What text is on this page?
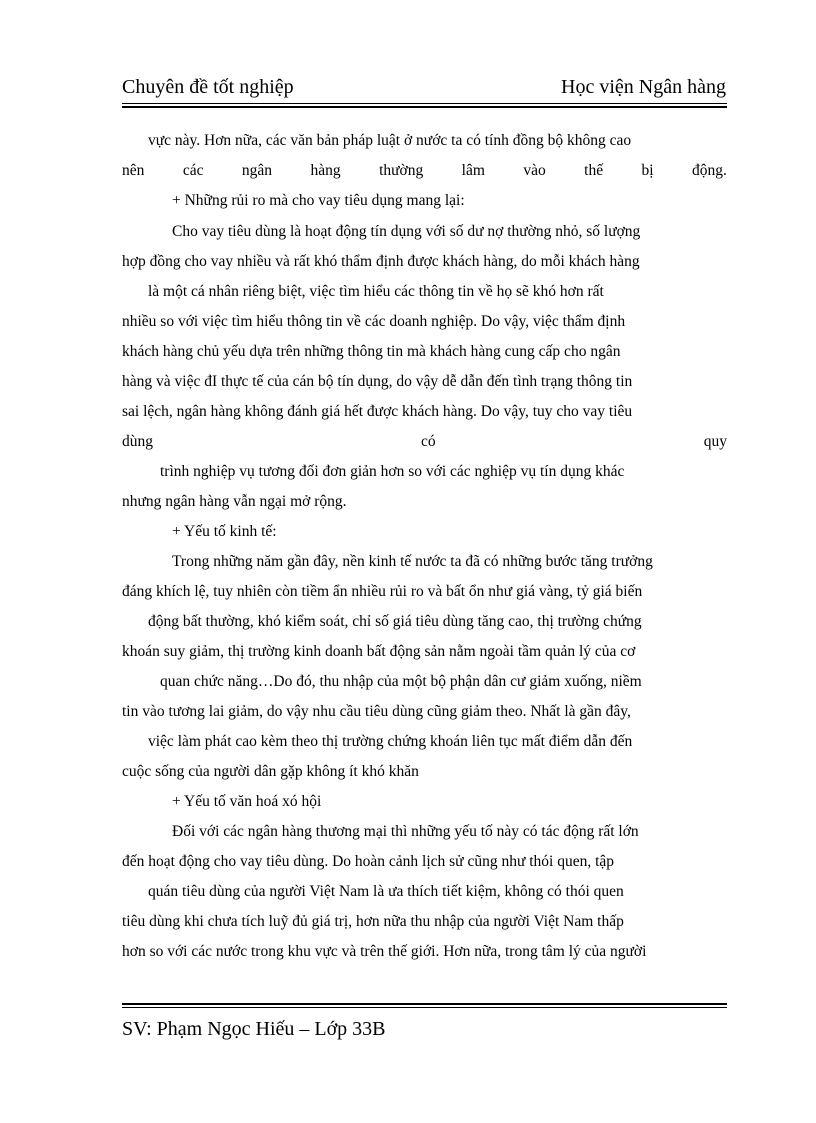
Chuyên đề tốt nghiệp	Học viện Ngân hàng
vực này. Hơn nữa, các văn bản pháp luật ở nước ta có tính đồng bộ không cao
nên các ngân hàng thường lâm vào thế bị động.
+ Những rủi ro mà cho vay tiêu dụng mang lại:
Cho vay tiêu dùng là hoạt động tín dụng với số dư nợ thường nhỏ, số lượng
hợp đồng cho vay nhiều và rất khó thẩm định được khách hàng, do mỗi khách hàng
là một cá nhân riêng biệt, việc tìm hiểu các thông tin về họ sẽ khó hơn rất
nhiều so với việc tìm hiểu thông tin về các doanh nghiệp. Do vậy, việc thẩm định
khách hàng chủ yếu dựa trên những thông tin mà khách hàng cung cấp cho ngân
hàng và việc đI thực tế của cán bộ tín dụng, do vậy dễ dẫn đến tình trạng thông tin
sai lệch, ngân hàng không đánh giá hết được khách hàng. Do vậy, tuy cho vay tiêu
dùng	có	quy
trình nghiệp vụ tương đối đơn giản hơn so với các nghiệp vụ tín dụng khác
nhưng ngân hàng vẫn ngại mở rộng.
+ Yếu tố kinh tế:
Trong những năm gần đây, nền kinh tế nước ta đã có những bước tăng trưởng
đáng khích lệ, tuy nhiên còn tiềm ẩn nhiều rủi ro và bất ổn như giá vàng, tỷ giá biến
động bất thường, khó kiểm soát, chỉ số giá tiêu dùng tăng cao, thị trường chứng
khoán suy giảm, thị trường kinh doanh bất động sản nằm ngoài tầm quản lý của cơ
quan chức năng…Do đó, thu nhập của một bộ phận dân cư giảm xuống, niềm
tin vào tương lai giảm, do vậy nhu cầu tiêu dùng cũng giảm theo. Nhất là gần đây,
việc làm phát cao kèm theo thị trường chứng khoán liên tục mất điểm dẫn đến
cuộc sống của người dân gặp không ít khó khăn
+ Yếu tố văn hoá xó hội
Đối với các ngân hàng thương mại thì những yếu tố này có tác động rất lớn
đến hoạt động cho vay tiêu dùng. Do hoàn cảnh lịch sử cũng như thói quen, tập
quán tiêu dùng của người Việt Nam là ưa thích tiết kiệm, không có thói quen
tiêu dùng khi chưa tích luỹ đủ giá trị, hơn nữa thu nhập của người Việt Nam thấp
hơn so với các nước trong khu vực và trên thế giới. Hơn nữa, trong tâm lý của người
SV: Phạm Ngọc Hiếu – Lớp 33B
